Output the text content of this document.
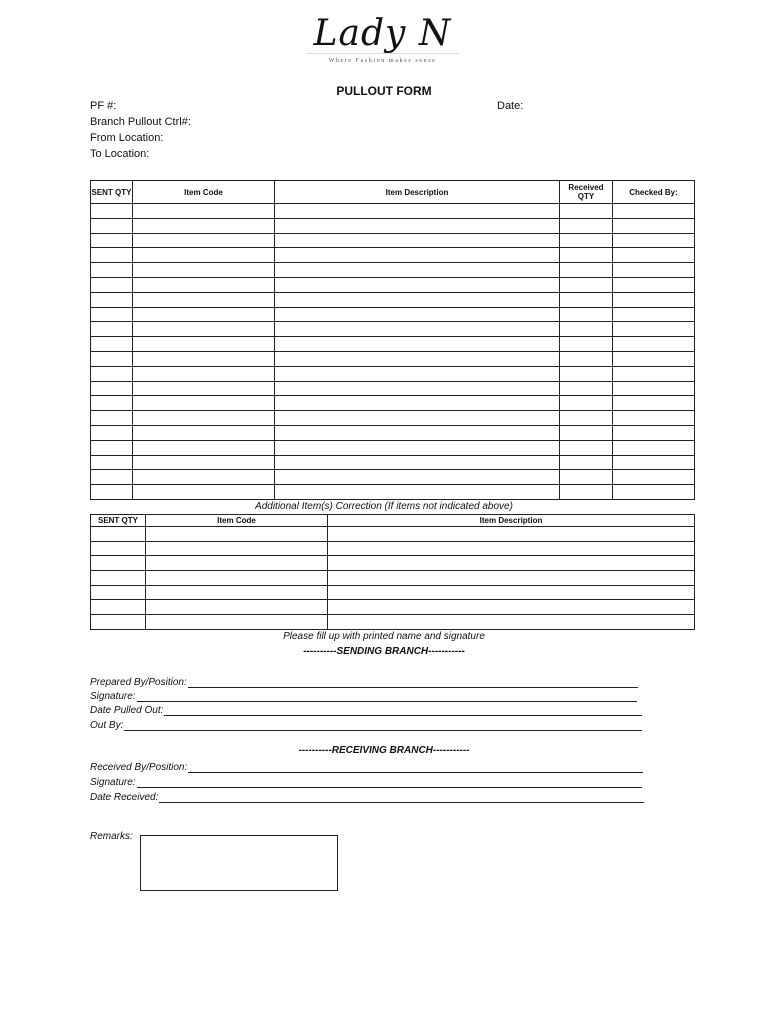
Lady N
Where Fashion makes sense
PULLOUT FORM
PF #:	Date:
Branch Pullout Ctrl#:
From Location:
To Location:
SENT QTY	Item Code	Item Description	Received QTY	Checked By:

Additional Item(s) Correction (If items not indicated above)
SENT QTY	Item Code	Item Description

Please fill up with printed name and signature
----------SENDING BRANCH-----------
Prepared By/Position:
Signature:
Date Pulled Out:
Out By:
----------RECEIVING BRANCH-----------
Received By/Position:
Signature:
Date Received:
Remarks:
